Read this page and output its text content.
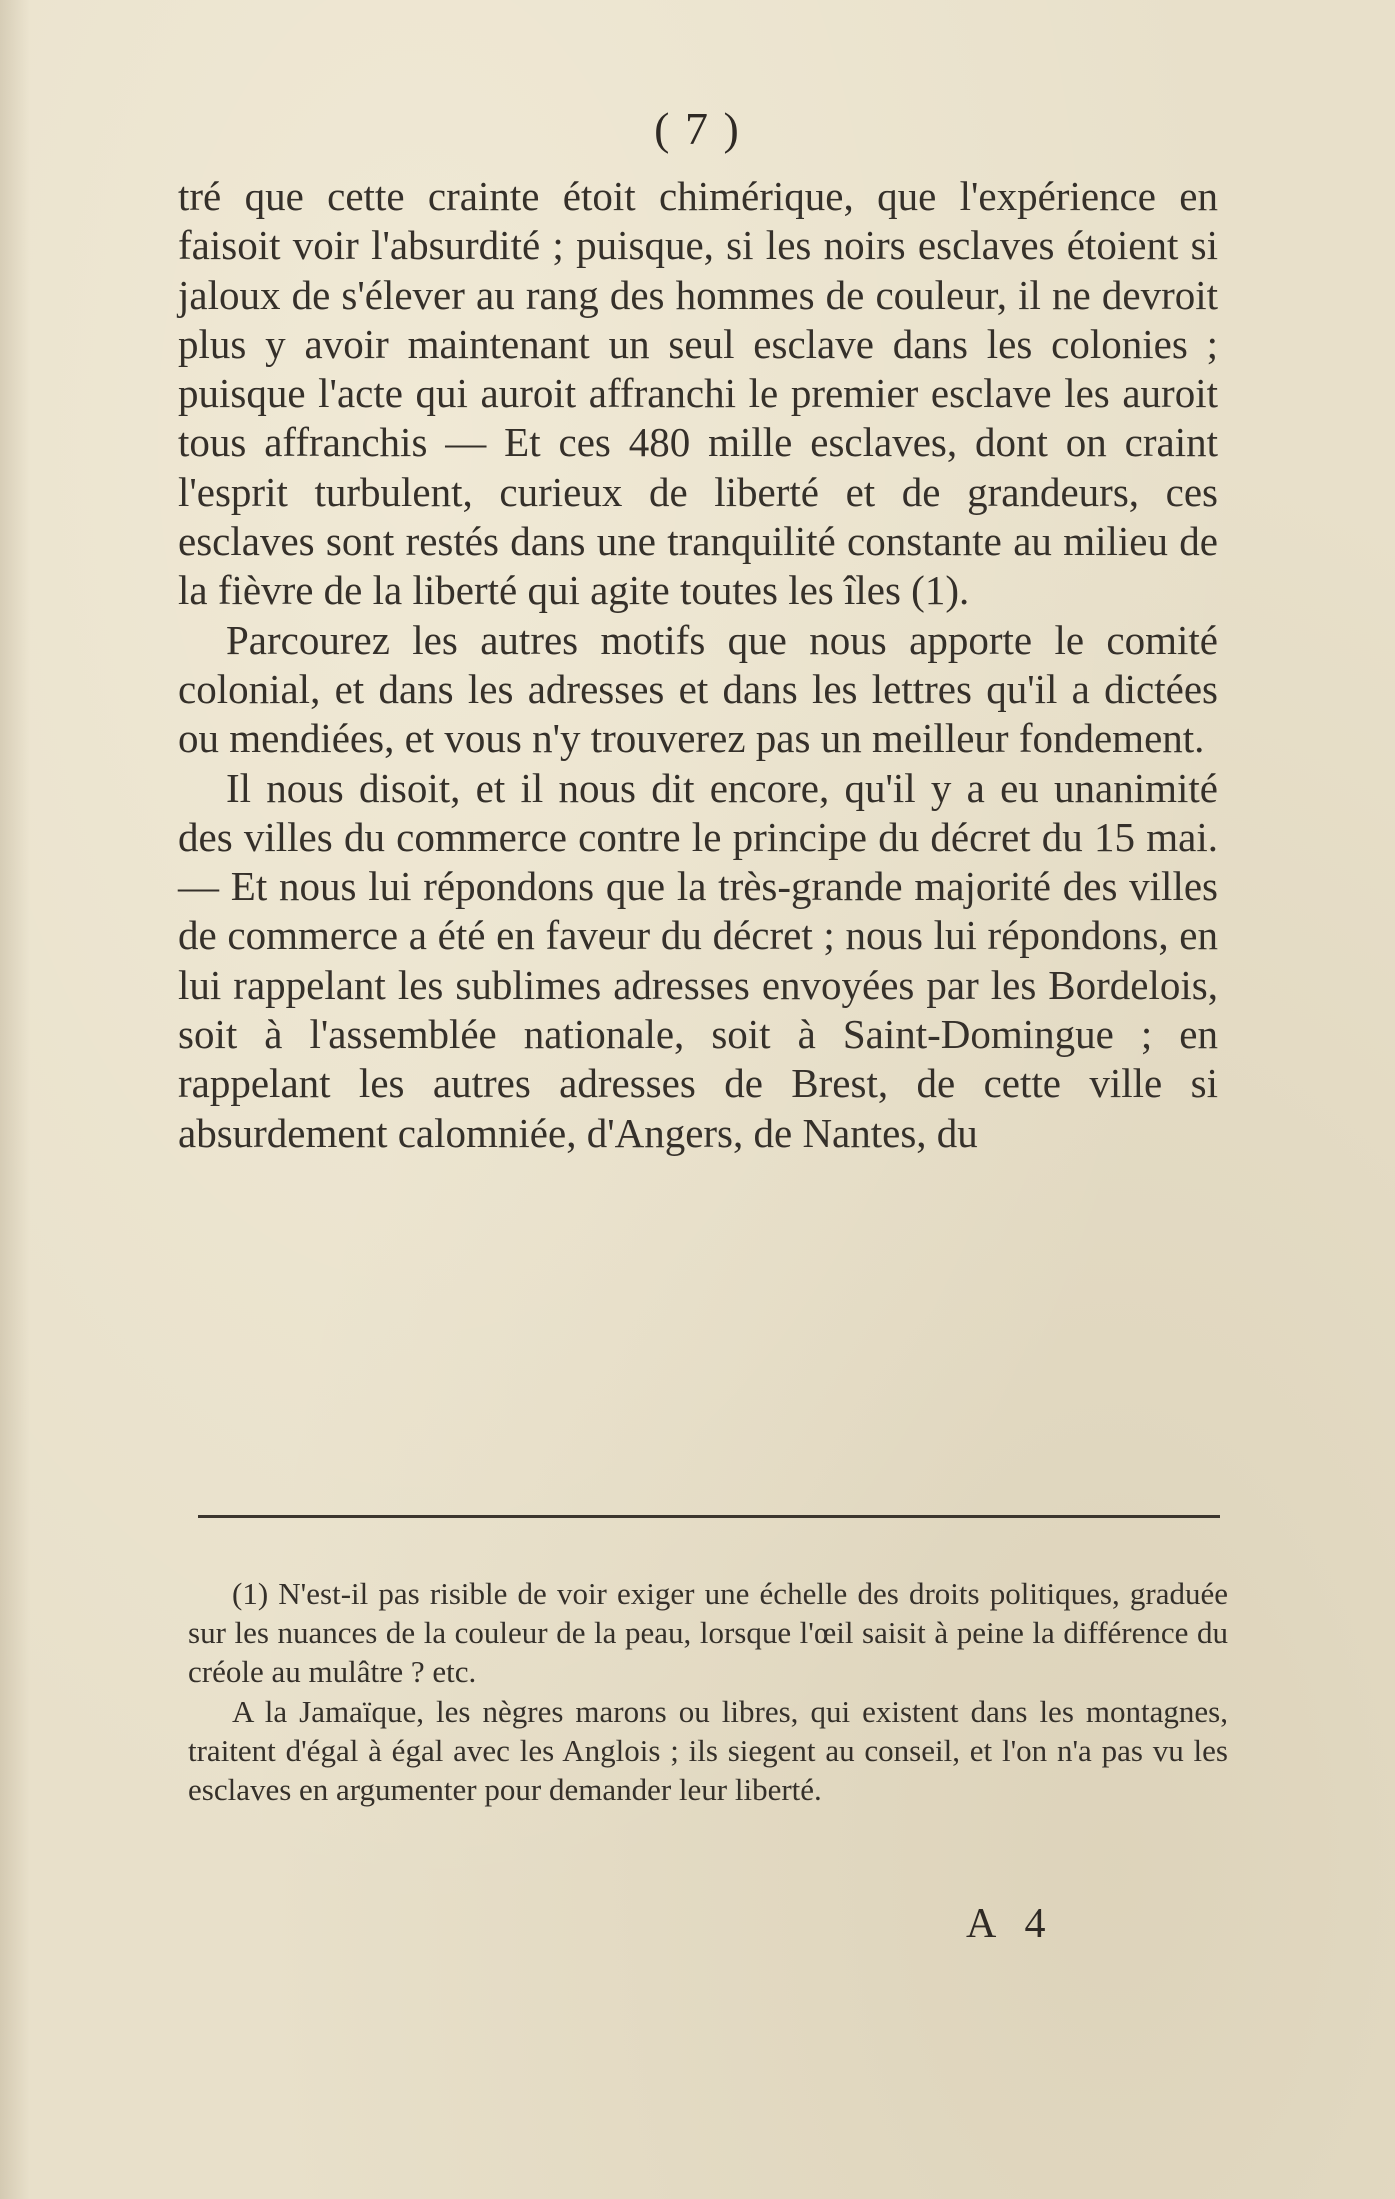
( 7 )

tré que cette crainte étoit chimérique, que l'expérience en faisoit voir l'absurdité ; puisque, si les noirs esclaves étoient si jaloux de s'élever au rang des hommes de couleur, il ne devroit plus y avoir maintenant un seul esclave dans les colonies ; puisque l'acte qui auroit affranchi le premier esclave les auroit tous affranchis — Et ces 480 mille esclaves, dont on craint l'esprit turbulent, curieux de liberté et de grandeurs, ces esclaves sont restés dans une tranquilité constante au milieu de la fièvre de la liberté qui agite toutes les îles (1).

Parcourez les autres motifs que nous apporte le comité colonial, et dans les adresses et dans les lettres qu'il a dictées ou mendiées, et vous n'y trouverez pas un meilleur fondement.

Il nous disoit, et il nous dit encore, qu'il y a eu unanimité des villes du commerce contre le principe du décret du 15 mai. — Et nous lui répondons que la très-grande majorité des villes de commerce a été en faveur du décret ; nous lui répondons, en lui rappelant les sublimes adresses envoyées par les Bordelois, soit à l'assemblée nationale, soit à Saint-Domingue ; en rappelant les autres adresses de Brest, de cette ville si absurdement calomniée, d'Angers, de Nantes, du

(1) N'est-il pas risible de voir exiger une échelle des droits politiques, graduée sur les nuances de la couleur de la peau, lorsque l'œil saisit à peine la différence du créole au mulâtre ? etc.

A la Jamaïque, les nègres marons ou libres, qui existent dans les montagnes, traitent d'égal à égal avec les Anglois ; ils siegent au conseil, et l'on n'a pas vu les esclaves en argumenter pour demander leur liberté.

A 4
